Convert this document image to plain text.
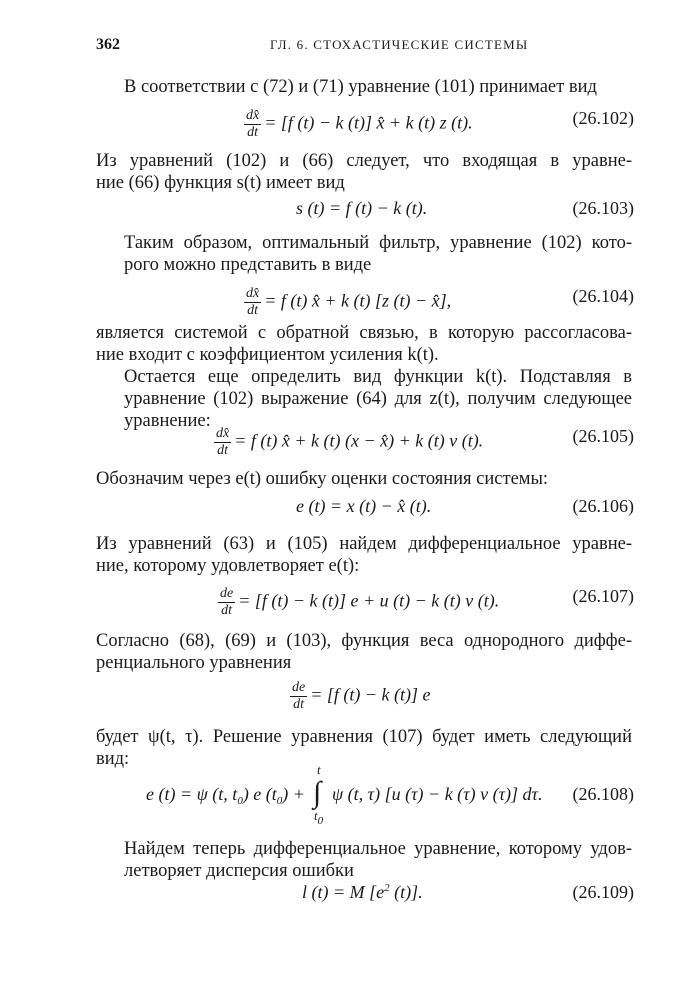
362	ГЛ. 6. СТОХАСТИЧЕСКИЕ СИСТЕМЫ
В соответствии с (72) и (71) уравнение (101) принимает вид
$\frac{dx̂}{dt} = [f$ (t) − k (t)] x̂ + k (t) z (t).	(26.102)
Из уравнений (102) и (66) следует, что входящая в уравне-
ние (66) функция s(t) имеет вид
s (t) = f (t) − k (t).	(26.103)
Таким образом, оптимальный фильтр, уравнение (102) кото-
рого можно представить в виде
$\frac{dx̂}{dt} = f$ (t) x̂ + k (t) [z (t) − x̂],	(26.104)
является системой с обратной связью, в которую рассогласова-
ние входит с коэффициентом усиления k(t).
Остается еще определить вид функции k(t). Подставляя в
уравнение (102) выражение (64) для z(t), получим следующее
уравнение:
Обозначим через e(t) ошибку оценки состояния системы:
$\frac{dx̂}{dt} = f$ (t) x̂ + k (t) (x − x̂) + k (t) v (t).	(26.105)
e (t) = x (t) − x̂ (t).	(26.106)
Из уравнений (63) и (105) найдем дифференциальное уравне-
ние, которому удовлетворяет e(t):
$\frac{de}{dt} = [f$ (t) − k (t)] e + u (t) − k (t) v (t).	(26.107)
Согласно (68), (69) и (103), функция веса однородного диффе-
ренциального уравнения
$\frac{de}{dt} = [f$ (t) − k (t)] e
будет ψ(t, τ). Решение уравнения (107) будет иметь следующий
вид:
e (t) = ψ (t, $t_0$) e $(t_0)$ +
t
∫
$t_0$
ψ (t, τ) [u (τ) − k (τ) v (τ)] dτ. (26.108)
Найдем теперь дифференциальное уравнение, которому удов-
летворяет дисперсия ошибки
l (t) = M [$e^2$ (t)].	(26.109)
